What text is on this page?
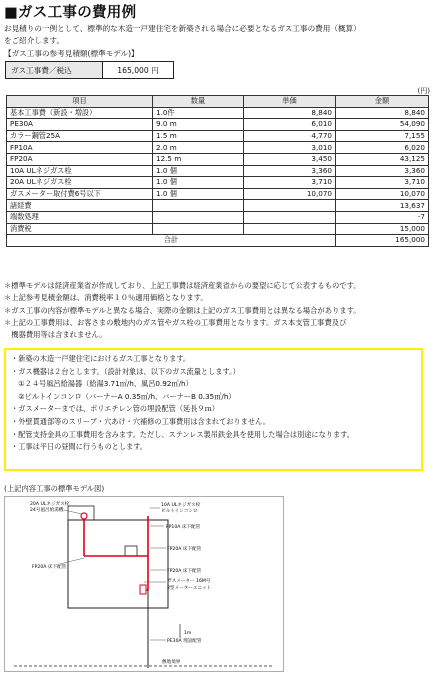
■ガス工事の費用例
お見積りの一例として、標準的な木造一戸建住宅を新築される場合に必要となるガス工事の費用（概算）
をご紹介します。
【ガス工事の参考見積額(標準モデル)】
ガス工事費／税込	165,000 円
(円)
項目	数量	単価	金額
基本工事費（新設・増設）	1.0件	8,840	8,840
PE30A	9.0 m	6,010	54,090
カラー鋼管25A	1.5 m	4,770	7,155
FP10A	2.0 m	3,010	6,020
FP20A	12.5 m	3,450	43,125
10A ULネジガス栓	1.0 個	3,360	3,360
20A ULネジガス栓	1.0 個	3,710	3,710
ガスメーター取付費6号以下	1.0 個	10,070	10,070
諸経費			13,637
端数処理			-7
消費税			15,000
合計			165,000
＊標準モデルは経済産業省が作成しており、上記工事費は経済産業省からの要望に応じて公表するものです。
＊上記参考見積金額は、消費税率１０％適用価格となります。
＊ガス工事の内容が標準モデルと異なる場合、実際の金額は上記のガス工事費用とは異なる場合があります。
＊上記の工事費用は、お客さまの敷地内のガス管やガス栓の工事費用となります。ガス本支管工事費及び
　機器費用等は含まれません。
・新築の木造一戸建住宅におけるガス工事となります。
・ガス機器は２台とします。（設計対象は、以下のガス流量とします。）
　①２４号風呂給湯器（給湯3.71㎥/h、風呂0.92㎥/h）
　②ビルトインコンロ（バーナーA 0.35㎥/h、バーナーB 0.35㎥/h）
・ガスメーターまでは、ポリエチレン管の埋設配管（延長９ｍ）
・外壁貫通部等のスリーブ・穴あけ・穴補修の工事費用は含まれておりません。
・配管支持金具の工事費用を含みます。ただし、ステンレス製吊鉄金具を使用した場合は別途になります。
・工事は平日の昼間に行うものとします。
(上記内容工事の標準モデル図)
1m
20A ULネジガス栓
24号風呂給湯機
FP20A 床下配管
10A ULネジガス栓
ビルトインコンロ
FP10A 床下配管
FP20A 床下配管
FP20A 床下配管
ガスメーター 16M号
2型メーターユニット
PE30A 埋設配管
敷地境界
